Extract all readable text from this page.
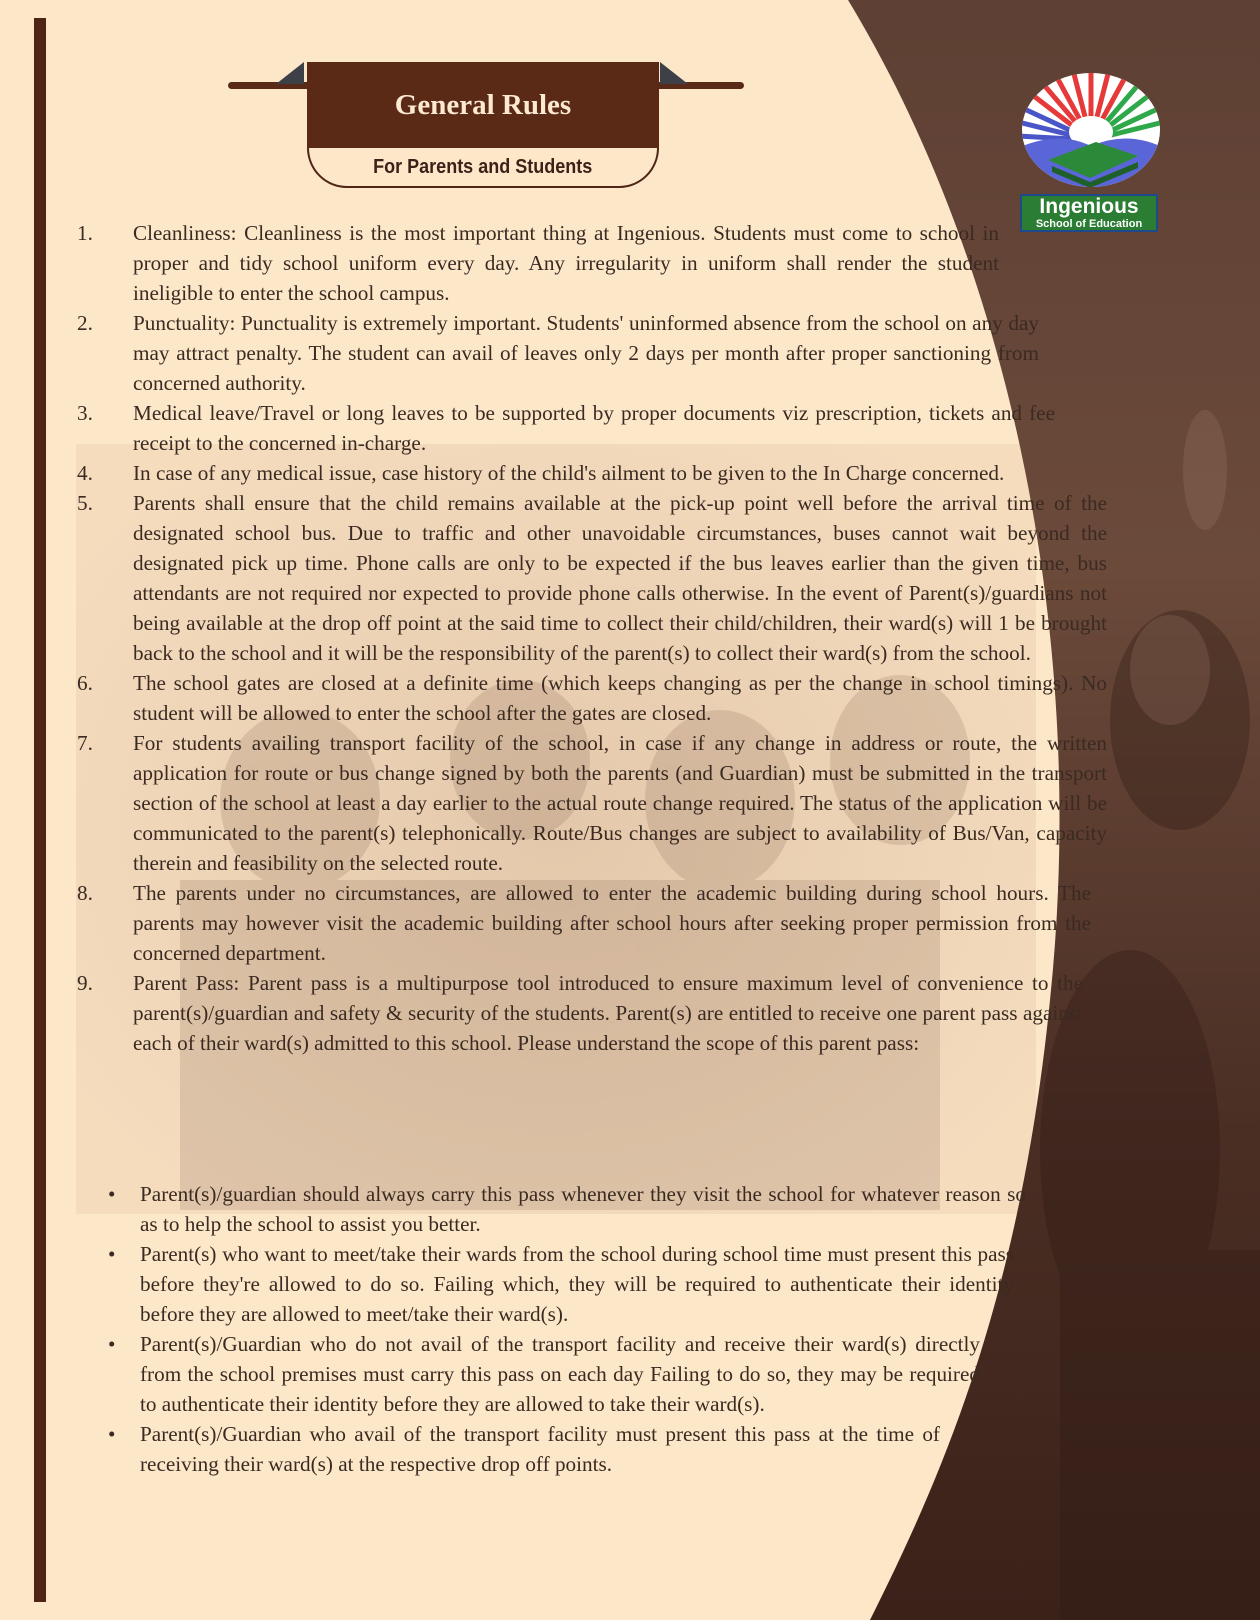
General Rules
For Parents and Students
Ingenious
School of Education
1. Cleanliness: Cleanliness is the most important thing at Ingenious. Students must come to school in proper and tidy school uniform every day. Any irregularity in uniform shall render the student ineligible to enter the school campus.
2. Punctuality: Punctuality is extremely important. Students' uninformed absence from the school on any day may attract penalty. The student can avail of leaves only 2 days per month after proper sanctioning from concerned authority.
3. Medical leave/Travel or long leaves to be supported by proper documents viz prescription, tickets and fee receipt to the concerned in-charge.
4. In case of any medical issue, case history of the child's ailment to be given to the In Charge concerned.
5. Parents shall ensure that the child remains available at the pick-up point well before the arrival time of the designated school bus. Due to traffic and other unavoidable circumstances, buses cannot wait beyond the designated pick up time. Phone calls are only to be expected if the bus leaves earlier than the given time, bus attendants are not required nor expected to provide phone calls otherwise. In the event of Parent(s)/guardians not being available at the drop off point at the said time to collect their child/children, their ward(s) will 1 be brought back to the school and it will be the responsibility of the parent(s) to collect their ward(s) from the school.
6. The school gates are closed at a definite time (which keeps changing as per the change in school timings). No student will be allowed to enter the school after the gates are closed.
7. For students availing transport facility of the school, in case if any change in address or route, the written application for route or bus change signed by both the parents (and Guardian) must be submitted in the transport section of the school at least a day earlier to the actual route change required. The status of the application will be communicated to the parent(s) telephonically. Route/Bus changes are subject to availability of Bus/Van, capacity therein and feasibility on the selected route.
8. The parents under no circumstances, are allowed to enter the academic building during school hours. The parents may however visit the academic building after school hours after seeking proper permission from the concerned department.
9. Parent Pass: Parent pass is a multipurpose tool introduced to ensure maximum level of convenience to the parent(s)/guardian and safety & security of the students. Parent(s) are entitled to receive one parent pass against each of their ward(s) admitted to this school. Please understand the scope of this parent pass:
• Parent(s)/guardian should always carry this pass whenever they visit the school for whatever reason so as to help the school to assist you better.
• Parent(s) who want to meet/take their wards from the school during school time must present this pass before they're allowed to do so. Failing which, they will be required to authenticate their identity before they are allowed to meet/take their ward(s).
• Parent(s)/Guardian who do not avail of the transport facility and receive their ward(s) directly from the school premises must carry this pass on each day Failing to do so, they may be required to authenticate their identity before they are allowed to take their ward(s).
• Parent(s)/Guardian who avail of the transport facility must present this pass at the time of receiving their ward(s) at the respective drop off points.
